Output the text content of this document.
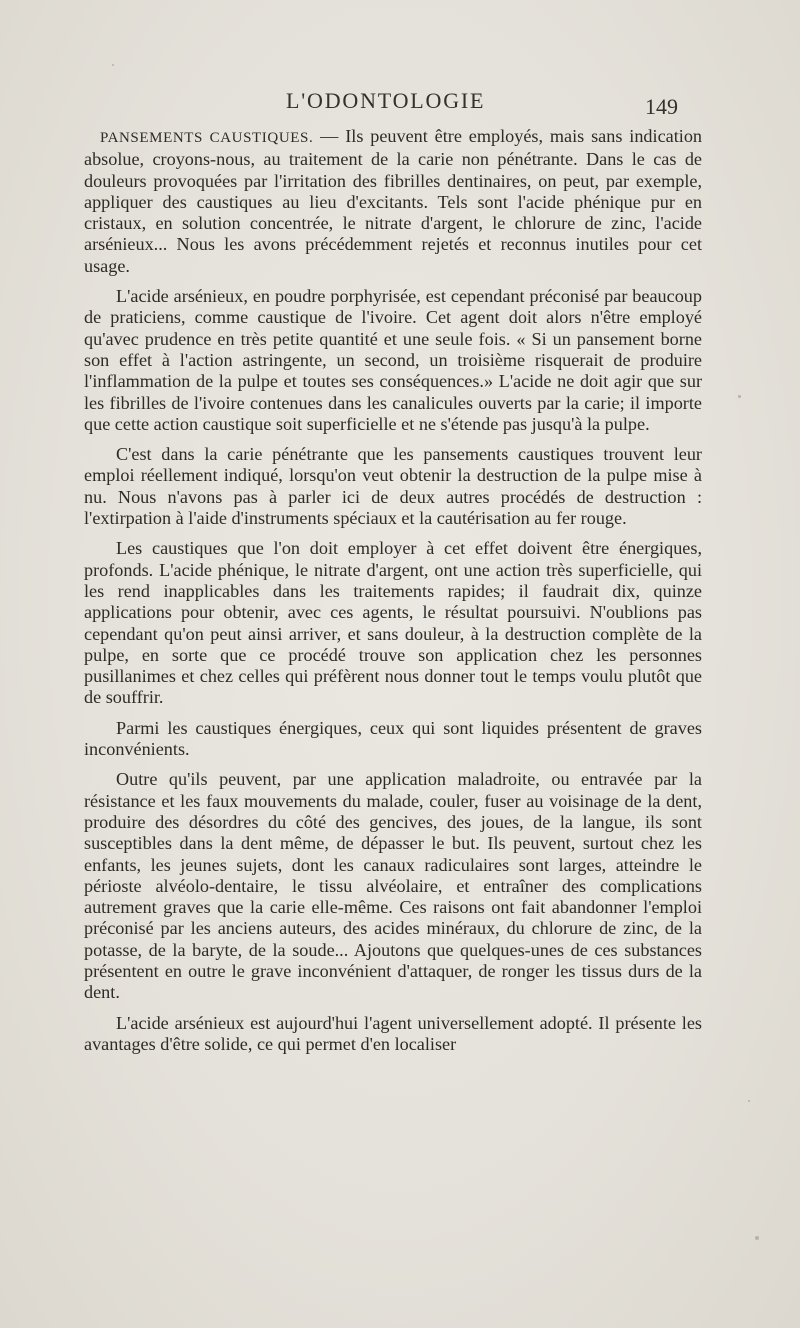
L'ODONTOLOGIE	149

PANSEMENTS CAUSTIQUES. — Ils peuvent être employés, mais sans indication absolue, croyons-nous, au traitement de la carie non pénétrante. Dans le cas de douleurs provoquées par l'irritation des fibrilles dentinaires, on peut, par exemple, appliquer des caustiques au lieu d'excitants. Tels sont l'acide phénique pur en cristaux, en solution concentrée, le nitrate d'argent, le chlorure de zinc, l'acide arsénieux... Nous les avons précédemment rejetés et reconnus inutiles pour cet usage.

L'acide arsénieux, en poudre porphyrisée, est cependant préconisé par beaucoup de praticiens, comme caustique de l'ivoire. Cet agent doit alors n'être employé qu'avec prudence en très petite quantité et une seule fois. « Si un pansement borne son effet à l'action astringente, un second, un troisième risquerait de produire l'inflammation de la pulpe et toutes ses conséquences.» L'acide ne doit agir que sur les fibrilles de l'ivoire contenues dans les canalicules ouverts par la carie; il importe que cette action caustique soit superficielle et ne s'étende pas jusqu'à la pulpe.

C'est dans la carie pénétrante que les pansements caustiques trouvent leur emploi réellement indiqué, lorsqu'on veut obtenir la destruction de la pulpe mise à nu. Nous n'avons pas à parler ici de deux autres procédés de destruction : l'extirpation à l'aide d'instruments spéciaux et la cautérisation au fer rouge.

Les caustiques que l'on doit employer à cet effet doivent être énergiques, profonds. L'acide phénique, le nitrate d'argent, ont une action très superficielle, qui les rend inapplicables dans les traitements rapides; il faudrait dix, quinze applications pour obtenir, avec ces agents, le résultat poursuivi. N'oublions pas cependant qu'on peut ainsi arriver, et sans douleur, à la destruction complète de la pulpe, en sorte que ce procédé trouve son application chez les personnes pusillanimes et chez celles qui préfèrent nous donner tout le temps voulu plutôt que de souffrir.

Parmi les caustiques énergiques, ceux qui sont liquides présentent de graves inconvénients.

Outre qu'ils peuvent, par une application maladroite, ou entravée par la résistance et les faux mouvements du malade, couler, fuser au voisinage de la dent, produire des désordres du côté des gencives, des joues, de la langue, ils sont susceptibles dans la dent même, de dépasser le but. Ils peuvent, surtout chez les enfants, les jeunes sujets, dont les canaux radiculaires sont larges, atteindre le périoste alvéolo-dentaire, le tissu alvéolaire, et entraîner des complications autrement graves que la carie elle-même. Ces raisons ont fait abandonner l'emploi préconisé par les anciens auteurs, des acides minéraux, du chlorure de zinc, de la potasse, de la baryte, de la soude... Ajoutons que quelques-unes de ces substances présentent en outre le grave inconvénient d'attaquer, de ronger les tissus durs de la dent.

L'acide arsénieux est aujourd'hui l'agent universellement adopté. Il présente les avantages d'être solide, ce qui permet d'en localiser
